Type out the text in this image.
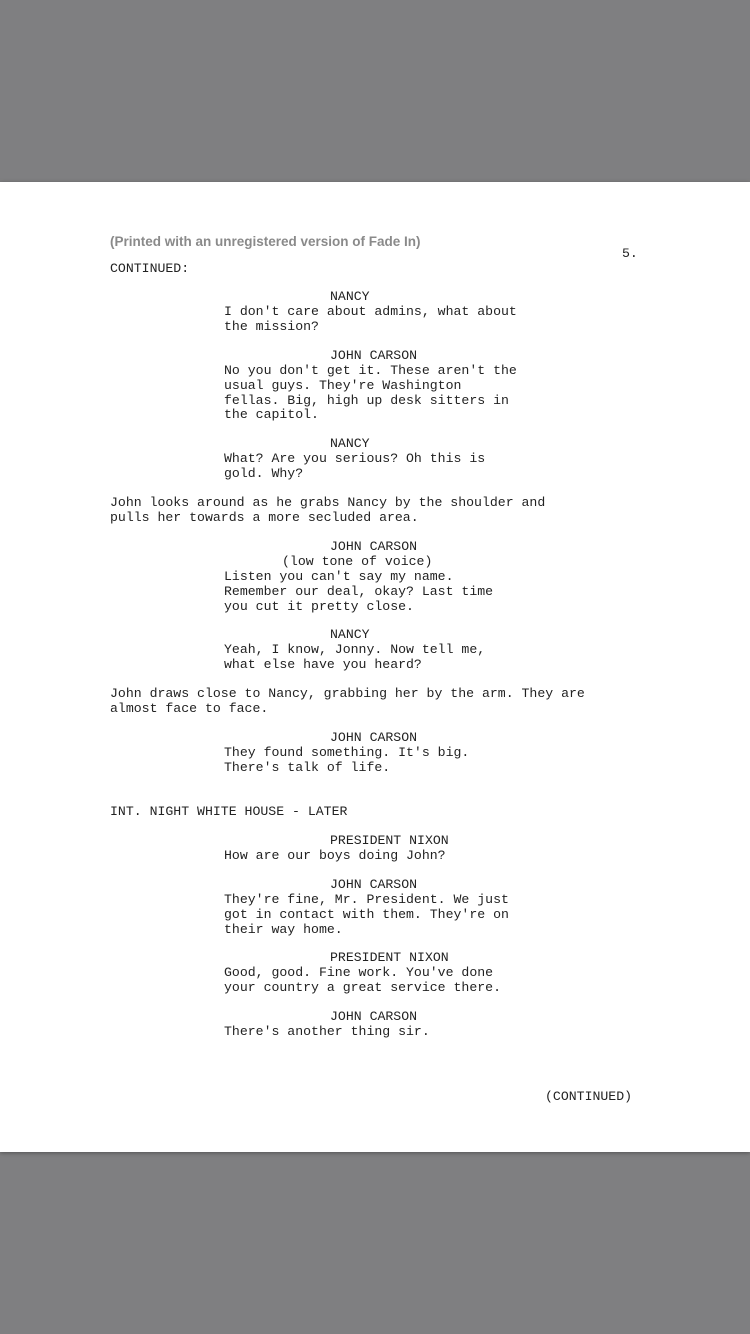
(Printed with an unregistered version of Fade In)
5.
CONTINUED:
NANCY
I don't care about admins, what about
the mission?
JOHN CARSON
No you don't get it. These aren't the
usual guys. They're Washington
fellas. Big, high up desk sitters in
the capitol.
NANCY
What? Are you serious? Oh this is
gold. Why?
John looks around as he grabs Nancy by the shoulder and
pulls her towards a more secluded area.
JOHN CARSON
(low tone of voice)
Listen you can't say my name.
Remember our deal, okay? Last time
you cut it pretty close.
NANCY
Yeah, I know, Jonny. Now tell me,
what else have you heard?
John draws close to Nancy, grabbing her by the arm. They are
almost face to face.
JOHN CARSON
They found something. It's big.
There's talk of life.
INT. NIGHT WHITE HOUSE - LATER
PRESIDENT NIXON
How are our boys doing John?
JOHN CARSON
They're fine, Mr. President. We just
got in contact with them. They're on
their way home.
PRESIDENT NIXON
Good, good. Fine work. You've done
your country a great service there.
JOHN CARSON
There's another thing sir.
(CONTINUED)
